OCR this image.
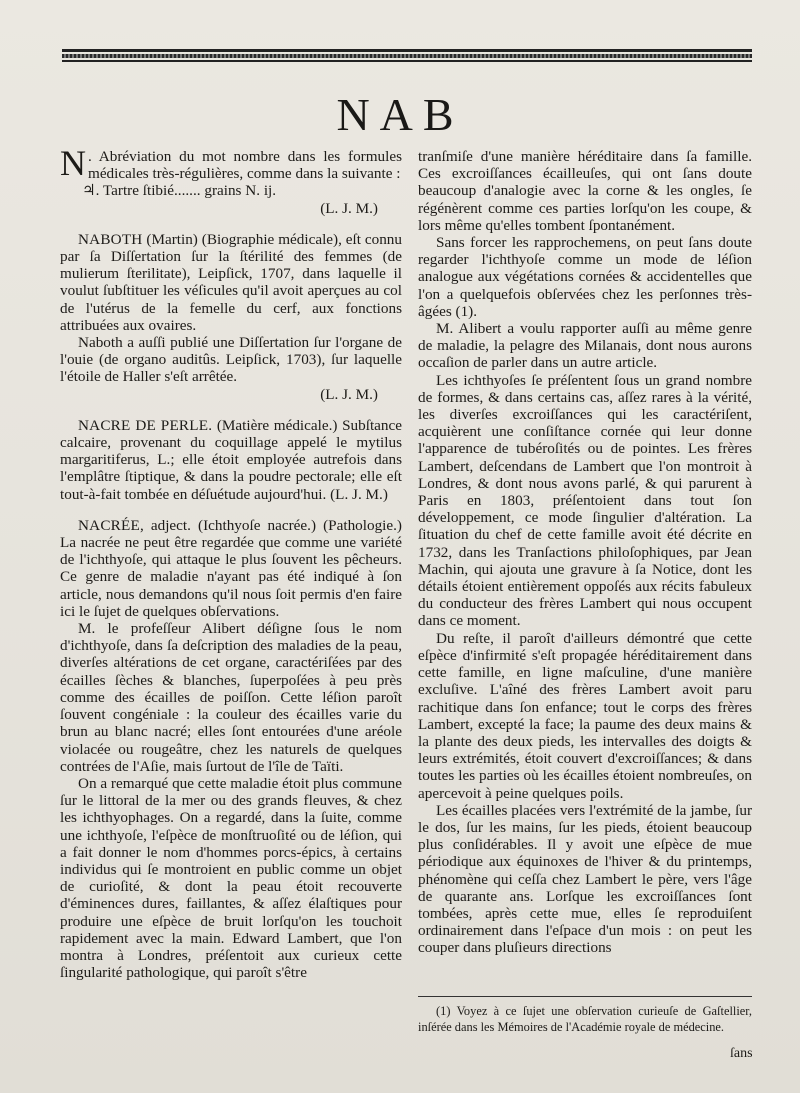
NAB

N . Abréviation du mot nombre dans les formules médicales très-régulières, comme dans la suivante :

♃. Tartre ſtibié....... grains N. ij.

(L. J. M.)

NABOTH (Martin) (Biographie médicale), eſt connu par ſa Diſſertation ſur la ſtérilité des femmes (de mulierum ſterilitate), Leipſick, 1707, dans laquelle il voulut ſubſtituer les véſicules qu'il avoit aperçues au col de l'utérus de la femelle du cerf, aux fonctions attribuées aux ovaires.

Naboth a auſſi publié une Diſſertation ſur l'organe de l'ouie (de organo auditûs. Leipſick, 1703), ſur laquelle l'étoile de Haller s'eſt arrêtée.

(L. J. M.)

NACRE DE PERLE. (Matière médicale.) Subſtance calcaire, provenant du coquillage appelé le mytilus margaritiferus, L.; elle étoit employée autrefois dans l'emplâtre ſtiptique, & dans la poudre pectorale; elle eſt tout-à-fait tombée en déſuétude aujourd'hui. (L. J. M.)

NACRÉE, adject. (Ichthyoſe nacrée.) (Pathologie.) La nacrée ne peut être regardée que comme une variété de l'ichthyoſe, qui attaque le plus ſouvent les pêcheurs. Ce genre de maladie n'ayant pas été indiqué à ſon article, nous demandons qu'il nous ſoit permis d'en faire ici le ſujet de quelques obſervations.

M. le profeſſeur Alibert déſigne ſous le nom d'ichthyoſe, dans ſa deſcription des maladies de la peau, diverſes altérations de cet organe, caractériſées par des écailles ſèches & blanches, ſuperpoſées à peu près comme des écailles de poiſſon. Cette léſion paroît ſouvent congéniale : la couleur des écailles varie du brun au blanc nacré; elles ſont entourées d'une aréole violacée ou rougeâtre, chez les naturels de quelques contrées de l'Aſie, mais ſurtout de l'île de Taïti.

On a remarqué que cette maladie étoit plus commune ſur le littoral de la mer ou des grands fleuves, & chez les ichthyophages. On a regardé, dans la ſuite, comme une ichthyoſe, l'eſpèce de monſtruoſité ou de léſion, qui a fait donner le nom d'hommes porcs-épics, à certains individus qui ſe montroient en public comme un objet de curioſité, & dont la peau étoit recouverte d'éminences dures, faillantes, & aſſez élaſtiques pour produire une eſpèce de bruit lorſqu'on les touchoit rapidement avec la main. Edward Lambert, que l'on montra à Londres, préſentoit aux curieux cette ſingularité pathologique, qui paroît s'être

tranſmiſe d'une manière héréditaire dans ſa famille. Ces excroiſſances écailleuſes, qui ont ſans doute beaucoup d'analogie avec la corne & les ongles, ſe régénèrent comme ces parties lorſqu'on les coupe, & lors même qu'elles tombent ſpontanément.

Sans forcer les rapprochemens, on peut ſans doute regarder l'ichthyoſe comme un mode de léſion analogue aux végétations cornées & accidentelles que l'on a quelquefois obſervées chez les perſonnes très-âgées (1).

M. Alibert a voulu rapporter auſſi au même genre de maladie, la pelagre des Milanais, dont nous aurons occaſion de parler dans un autre article.

Les ichthyoſes ſe préſentent ſous un grand nombre de formes, & dans certains cas, aſſez rares à la vérité, les diverſes excroiſſances qui les caractériſent, acquièrent une conſiſtance cornée qui leur donne l'apparence de tubéroſités ou de pointes. Les frères Lambert, deſcendans de Lambert que l'on montroit à Londres, & dont nous avons parlé, & qui parurent à Paris en 1803, préſentoient dans tout ſon développement, ce mode ſingulier d'altération. La ſituation du chef de cette famille avoit été décrite en 1732, dans les Tranſactions philoſophiques, par Jean Machin, qui ajouta une gravure à ſa Notice, dont les détails étoient entièrement oppoſés aux récits fabuleux du conducteur des frères Lambert qui nous occupent dans ce moment.

Du reſte, il paroît d'ailleurs démontré que cette eſpèce d'infirmité s'eſt propagée héréditairement dans cette famille, en ligne maſculine, d'une manière excluſive. L'aîné des frères Lambert avoit paru rachitique dans ſon enfance; tout le corps des frères Lambert, excepté la face; la paume des deux mains & la plante des deux pieds, les intervalles des doigts & leurs extrémités, étoit couvert d'excroiſſances; & dans toutes les parties où les écailles étoient nombreuſes, on apercevoit à peine quelques poils.

Les écailles placées vers l'extrémité de la jambe, ſur le dos, ſur les mains, ſur les pieds, étoient beaucoup plus conſidérables. Il y avoit une eſpèce de mue périodique aux équinoxes de l'hiver & du printemps, phénomène qui ceſſa chez Lambert le père, vers l'âge de quarante ans. Lorſque les excroiſſances ſont tombées, après cette mue, elles ſe reproduiſent ordinairement dans l'eſpace d'un mois : on peut les couper dans pluſieurs directions

(1) Voyez à ce ſujet une obſervation curieuſe de Gaſtellier, inſérée dans les Mémoires de l'Académie royale de médecine.
ſans
